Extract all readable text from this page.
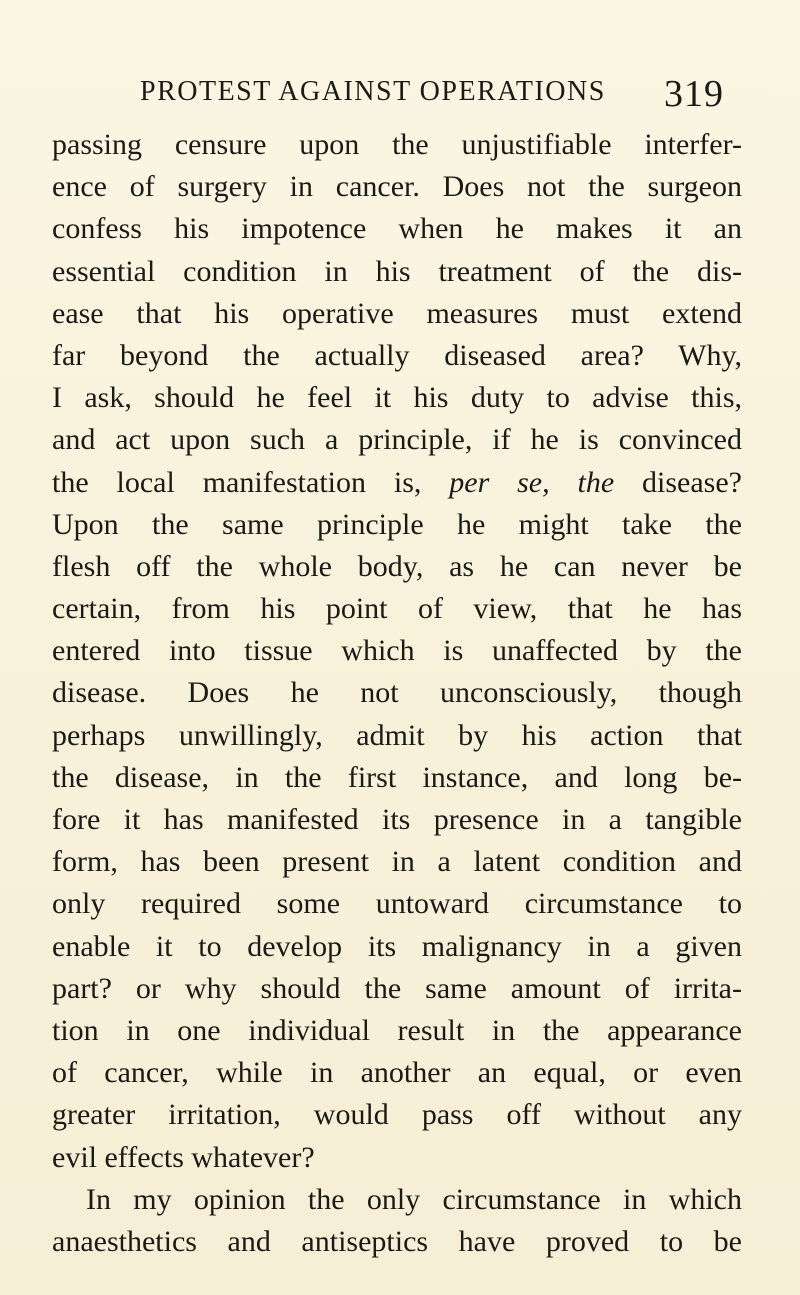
PROTEST AGAINST OPERATIONS 319
passing censure upon the unjustifiable interfer-
ence of surgery in cancer. Does not the surgeon
confess his impotence when he makes it an
essential condition in his treatment of the dis-
ease that his operative measures must extend
far beyond the actually diseased area? Why,
I ask, should he feel it his duty to advise this,
and act upon such a principle, if he is convinced
the local manifestation is, per se, the disease?
Upon the same principle he might take the
flesh off the whole body, as he can never be
certain, from his point of view, that he has
entered into tissue which is unaffected by the
disease. Does he not unconsciously, though
perhaps unwillingly, admit by his action that
the disease, in the first instance, and long be-
fore it has manifested its presence in a tangible
form, has been present in a latent condition and
only required some untoward circumstance to
enable it to develop its malignancy in a given
part? or why should the same amount of irrita-
tion in one individual result in the appearance
of cancer, while in another an equal, or even
greater irritation, would pass off without any
evil effects whatever?
In my opinion the only circumstance in which
anaesthetics and antiseptics have proved to be
